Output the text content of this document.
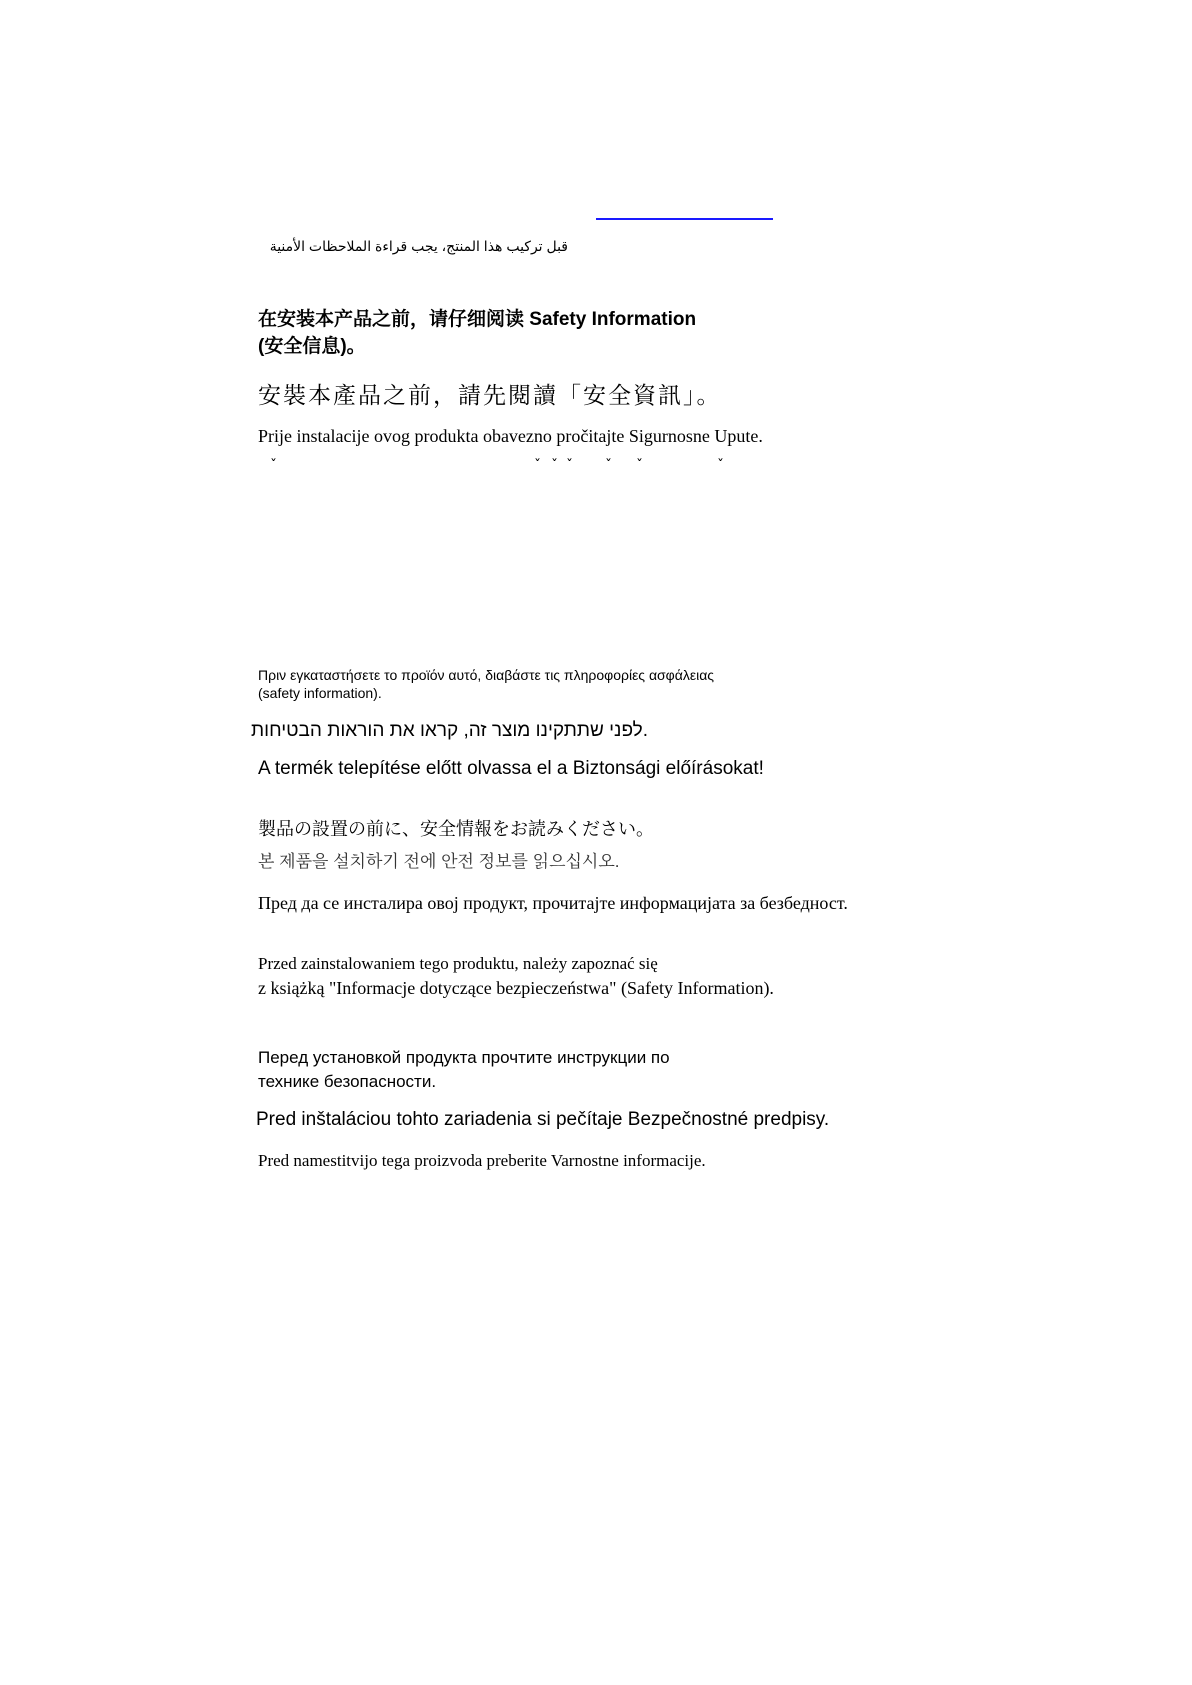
قبل تركيب هذا المنتج، يجب قراءة الملاحظات الأمنية
在安装本产品之前，请仔细阅读 Safety Information
(安全信息)。
安裝本產品之前，請先閱讀「安全資訊」。
Prije instalacije ovog produkta obavezno pročitajte Sigurnosne Upute.
ˇ	ˇ ˇ ˇ ˇ ˇ	ˇ
Πριν εγκαταστήσετε το προϊόν αυτό, διαβάστε τις πληροφορίες ασφάλειας
(safety information).
.לפני שתתקינו מוצר זה, קראו את הוראות הבטיחות
A termék telepítése előtt olvassa el a Biztonsági előírásokat!
製品の設置の前に、安全情報をお読みください。
본 제품을 설치하기 전에 안전 정보를 읽으십시오.
Пред да се инсталира овој продукт, прочитајте информацијата за безбедност.
Przed zainstalowaniem tego produktu, należy zapoznać się
z książką "Informacje dotyczące bezpieczeństwa" (Safety Information).
Перед установкой продукта прочтите инструкции по
технике безопасности.
Pred inštaláciou tohto zariadenia si pečítaje Bezpečnostné predpisy.
Pred namestitvijo tega proizvoda preberite Varnostne informacije.
